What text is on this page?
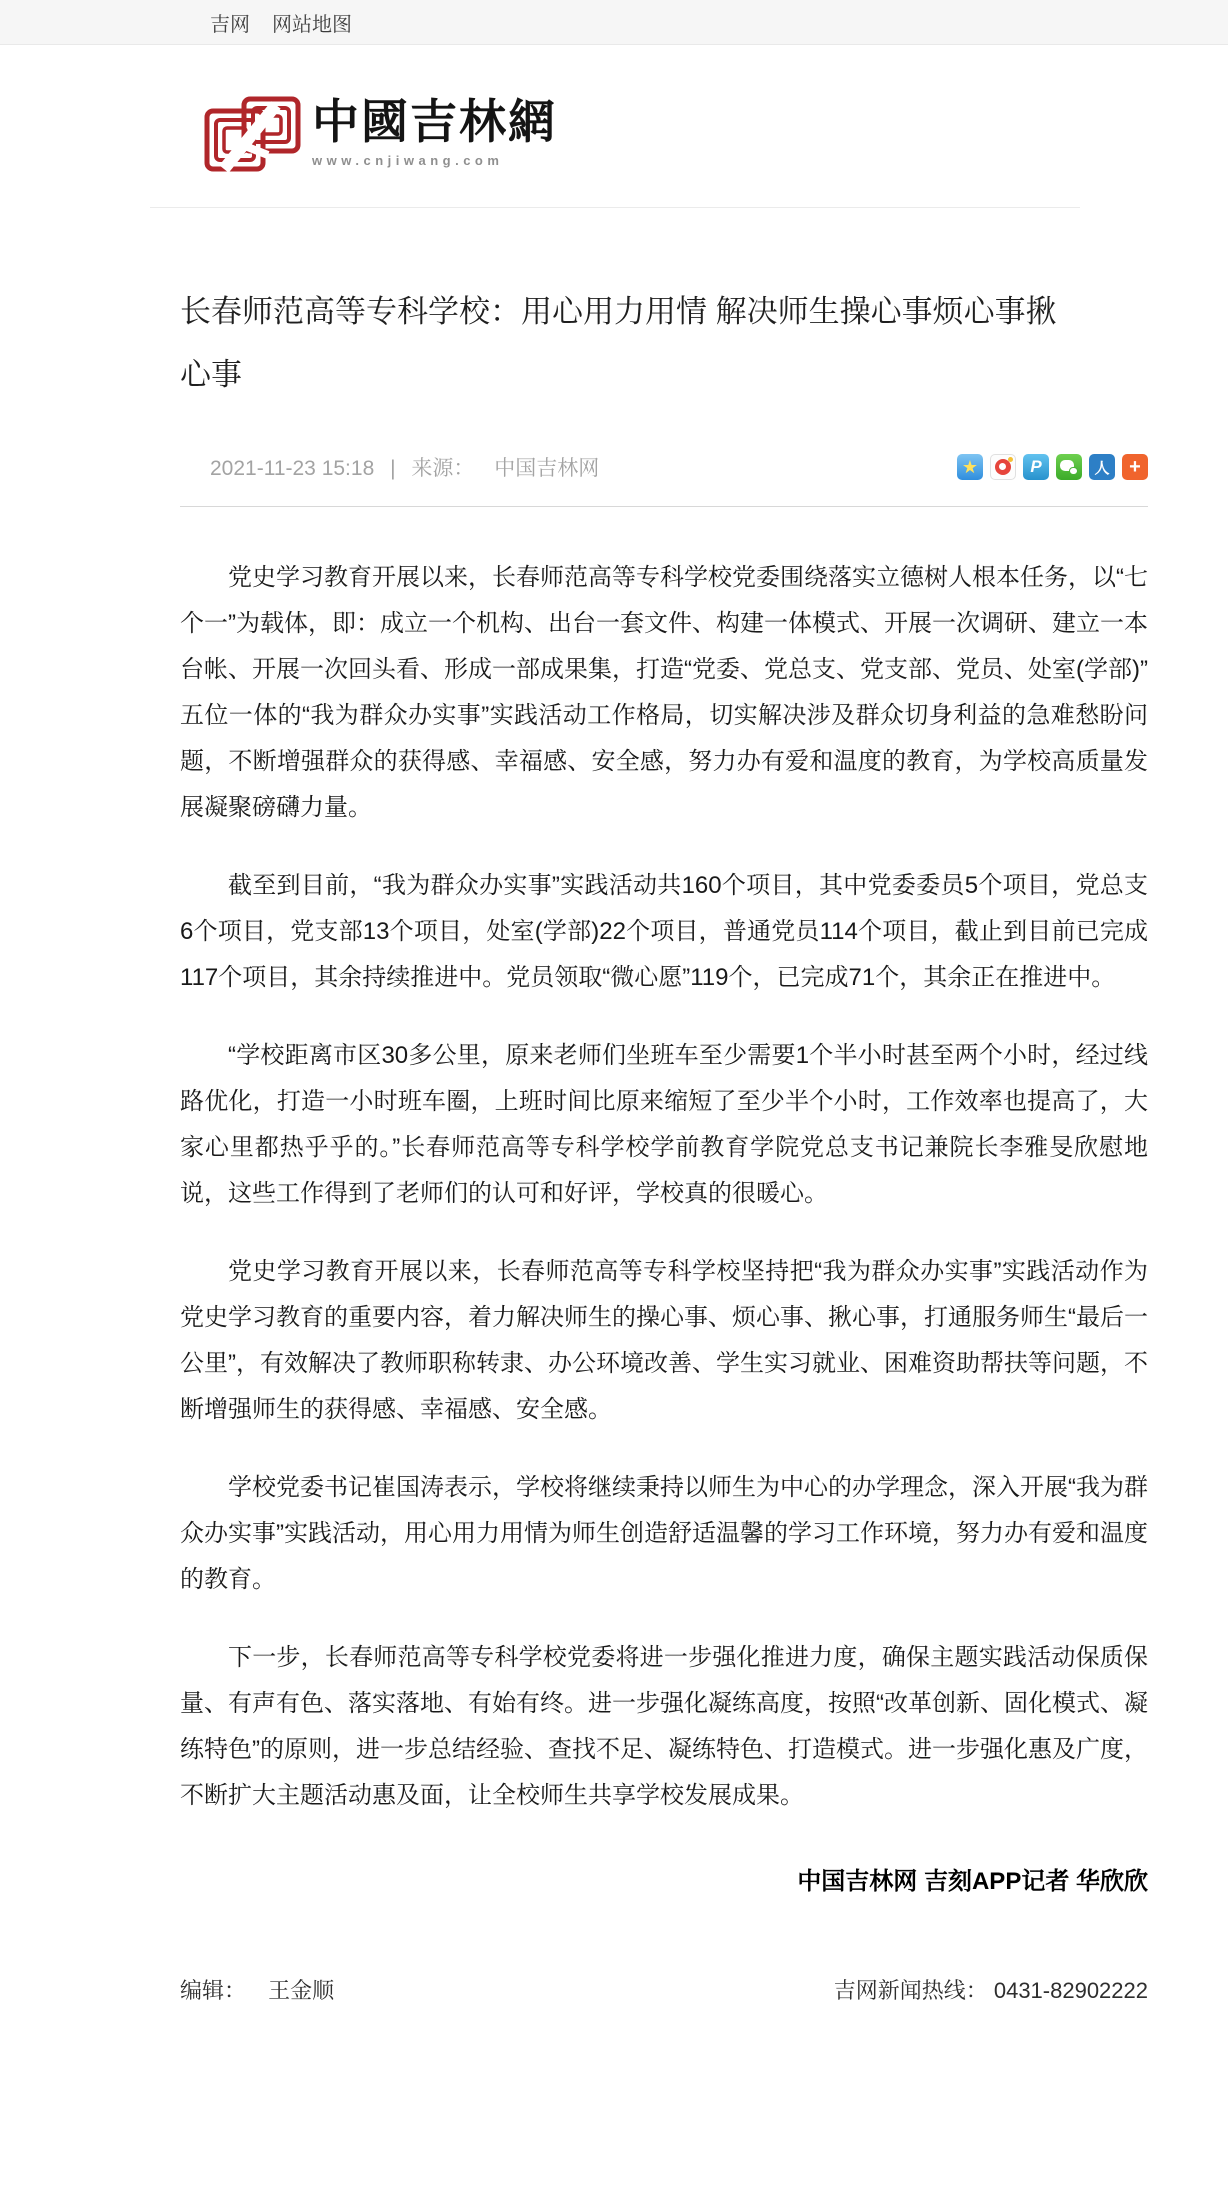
吉网 网站地图
中國吉林網
www.cnjiwang.com
长春师范高等专科学校：用心用力用情 解决师生操心事烦心事揪心事
2021-11-23 15:18 | 来源： 中国吉林网	★	P	人 +

党史学习教育开展以来，长春师范高等专科学校党委围绕落实立德树人根本任务，以“七个一”为载体，即：成立一个机构、出台一套文件、构建一体模式、开展一次调研、建立一本台帐、开展一次回头看、形成一部成果集，打造“党委、党总支、党支部、党员、处室(学部)”五位一体的“我为群众办实事”实践活动工作格局，切实解决涉及群众切身利益的急难愁盼问题，不断增强群众的获得感、幸福感、安全感，努力办有爱和温度的教育，为学校高质量发展凝聚磅礴力量。

截至到目前，“我为群众办实事”实践活动共160个项目，其中党委委员5个项目，党总支6个项目，党支部13个项目，处室(学部)22个项目，普通党员114个项目，截止到目前已完成117个项目，其余持续推进中。党员领取“微心愿”119个，已完成71个，其余正在推进中。

“学校距离市区30多公里，原来老师们坐班车至少需要1个半小时甚至两个小时，经过线路优化，打造一小时班车圈，上班时间比原来缩短了至少半个小时，工作效率也提高了，大家心里都热乎乎的。”长春师范高等专科学校学前教育学院党总支书记兼院长李雅旻欣慰地说，这些工作得到了老师们的认可和好评，学校真的很暖心。

党史学习教育开展以来，长春师范高等专科学校坚持把“我为群众办实事”实践活动作为党史学习教育的重要内容，着力解决师生的操心事、烦心事、揪心事，打通服务师生“最后一公里”，有效解决了教师职称转隶、办公环境改善、学生实习就业、困难资助帮扶等问题，不断增强师生的获得感、幸福感、安全感。

学校党委书记崔国涛表示，学校将继续秉持以师生为中心的办学理念，深入开展“我为群众办实事”实践活动，用心用力用情为师生创造舒适温馨的学习工作环境，努力办有爱和温度的教育。

下一步，长春师范高等专科学校党委将进一步强化推进力度，确保主题实践活动保质保量、有声有色、落实落地、有始有终。进一步强化凝练高度，按照“改革创新、固化模式、凝练特色”的原则，进一步总结经验、查找不足、凝练特色、打造模式。进一步强化惠及广度，不断扩大主题活动惠及面，让全校师生共享学校发展成果。

中国吉林网 吉刻APP记者 华欣欣
编辑： 王金顺	吉网新闻热线： 0431-82902222
